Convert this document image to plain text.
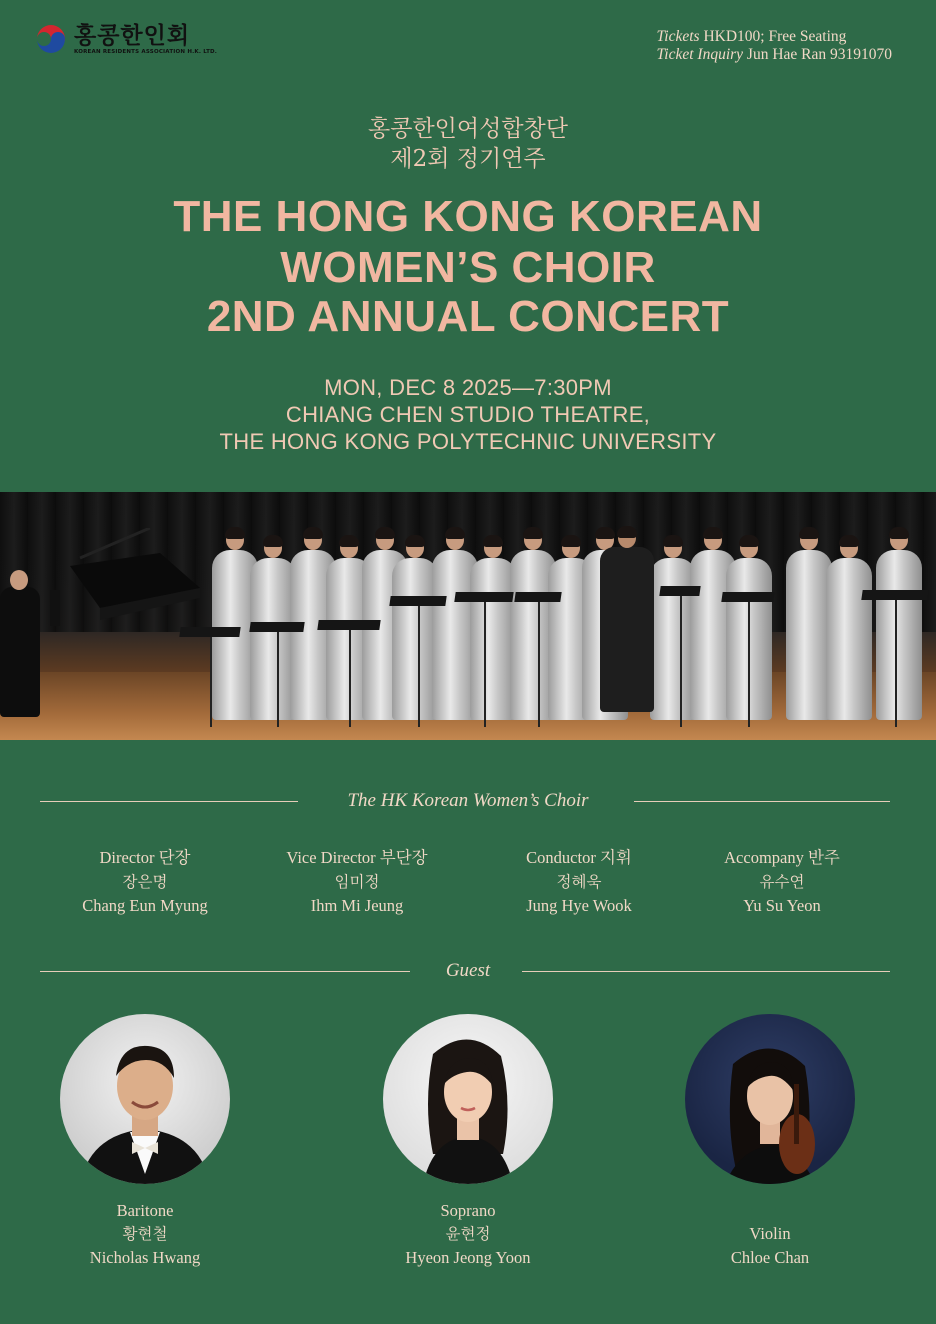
홍콩한인회
KOREAN RESIDENTS ASSOCIATION H.K. LTD.
Tickets HKD100; Free Seating
Ticket Inquiry Jun Hae Ran 93191070
홍콩한인여성합창단
제2회 정기연주
THE HONG KONG KOREAN
WOMEN’S CHOIR
2ND ANNUAL CONCERT
MON, DEC 8 2025—7:30PM
CHIANG CHEN STUDIO THEATRE,
THE HONG KONG POLYTECHNIC UNIVERSITY
The HK Korean Women’s Choir
Director 단장
장은명
Chang Eun Myung
Vice Director 부단장
임미정
Ihm Mi Jeung
Conductor 지휘
정혜욱
Jung Hye Wook
Accompany 반주
유수연
Yu Su Yeon
Guest
Baritone
황현철
Nicholas Hwang
Soprano
윤현정
Hyeon Jeong Yoon
Violin
Chloe Chan
